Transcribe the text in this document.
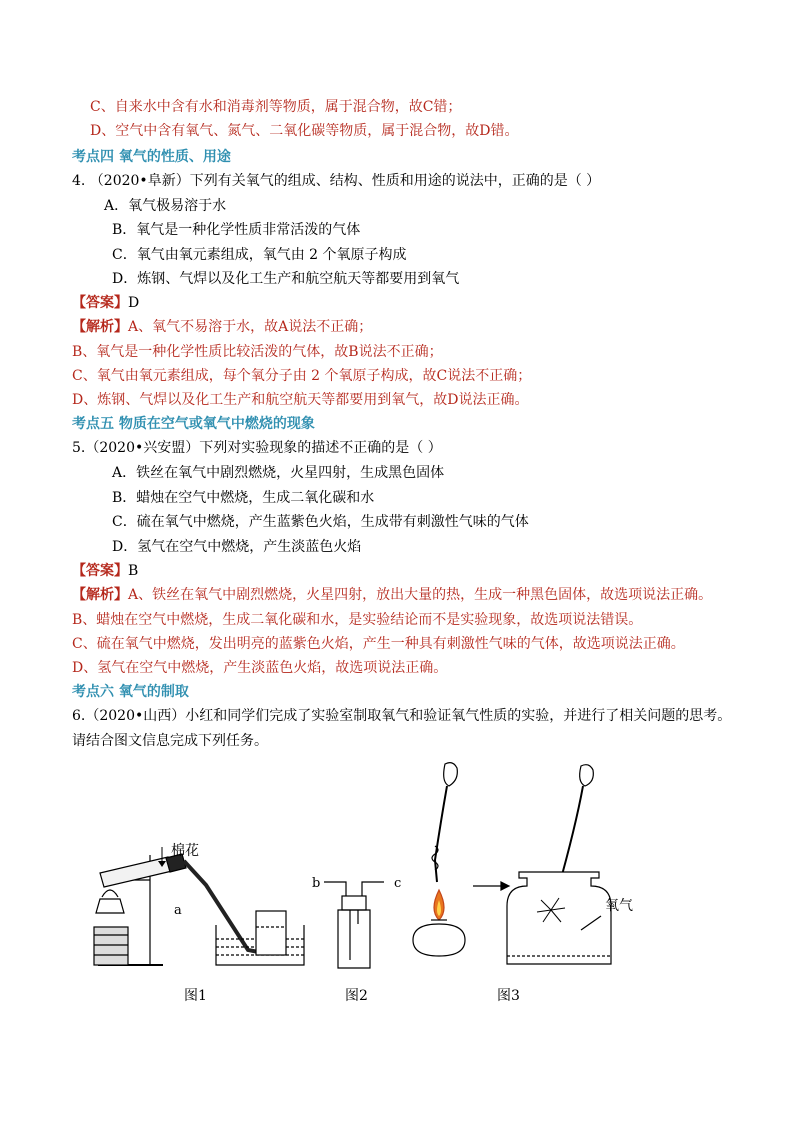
C、自来水中含有水和消毒剂等物质，属于混合物，故C错；
D、空气中含有氧气、氮气、二氧化碳等物质，属于混合物，故D错。
考点四 氧气的性质、用途
4. （2020•阜新）下列有关氧气的组成、结构、性质和用途的说法中，正确的是（ ）
A．氧气极易溶于水
B．氧气是一种化学性质非常活泼的气体
C．氧气由氧元素组成，氧气由 2 个氧原子构成
D．炼钢、气焊以及化工生产和航空航天等都要用到氧气
【答案】D
【解析】A、氧气不易溶于水，故A说法不正确；
B、氧气是一种化学性质比较活泼的气体，故B说法不正确；
C、氧气由氧元素组成，每个氧分子由 2 个氧原子构成，故C说法不正确；
D、炼钢、气焊以及化工生产和航空航天等都要用到氧气，故D说法正确。
考点五 物质在空气或氧气中燃烧的现象
5.（2020•兴安盟）下列对实验现象的描述不正确的是（ ）
A．铁丝在氧气中剧烈燃烧，火星四射，生成黑色固体
B．蜡烛在空气中燃烧，生成二氧化碳和水
C．硫在氧气中燃烧，产生蓝紫色火焰，生成带有刺激性气味的气体
D．氢气在空气中燃烧，产生淡蓝色火焰
【答案】B
【解析】A、铁丝在氧气中剧烈燃烧，火星四射，放出大量的热，生成一种黑色固体，故选项说法正确。
B、蜡烛在空气中燃烧，生成二氧化碳和水，是实验结论而不是实验现象，故选项说法错误。
C、硫在氧气中燃烧，发出明亮的蓝紫色火焰，产生一种具有刺激性气味的气体，故选项说法正确。
D、氢气在空气中燃烧，产生淡蓝色火焰，故选项说法正确。
考点六 氧气的制取
6.（2020•山西）小红和同学们完成了实验室制取氧气和验证氧气性质的实验，并进行了相关问题的思考。
请结合图文信息完成下列任务。
棉花
a
图1
b	c
图2
氧气
图3
